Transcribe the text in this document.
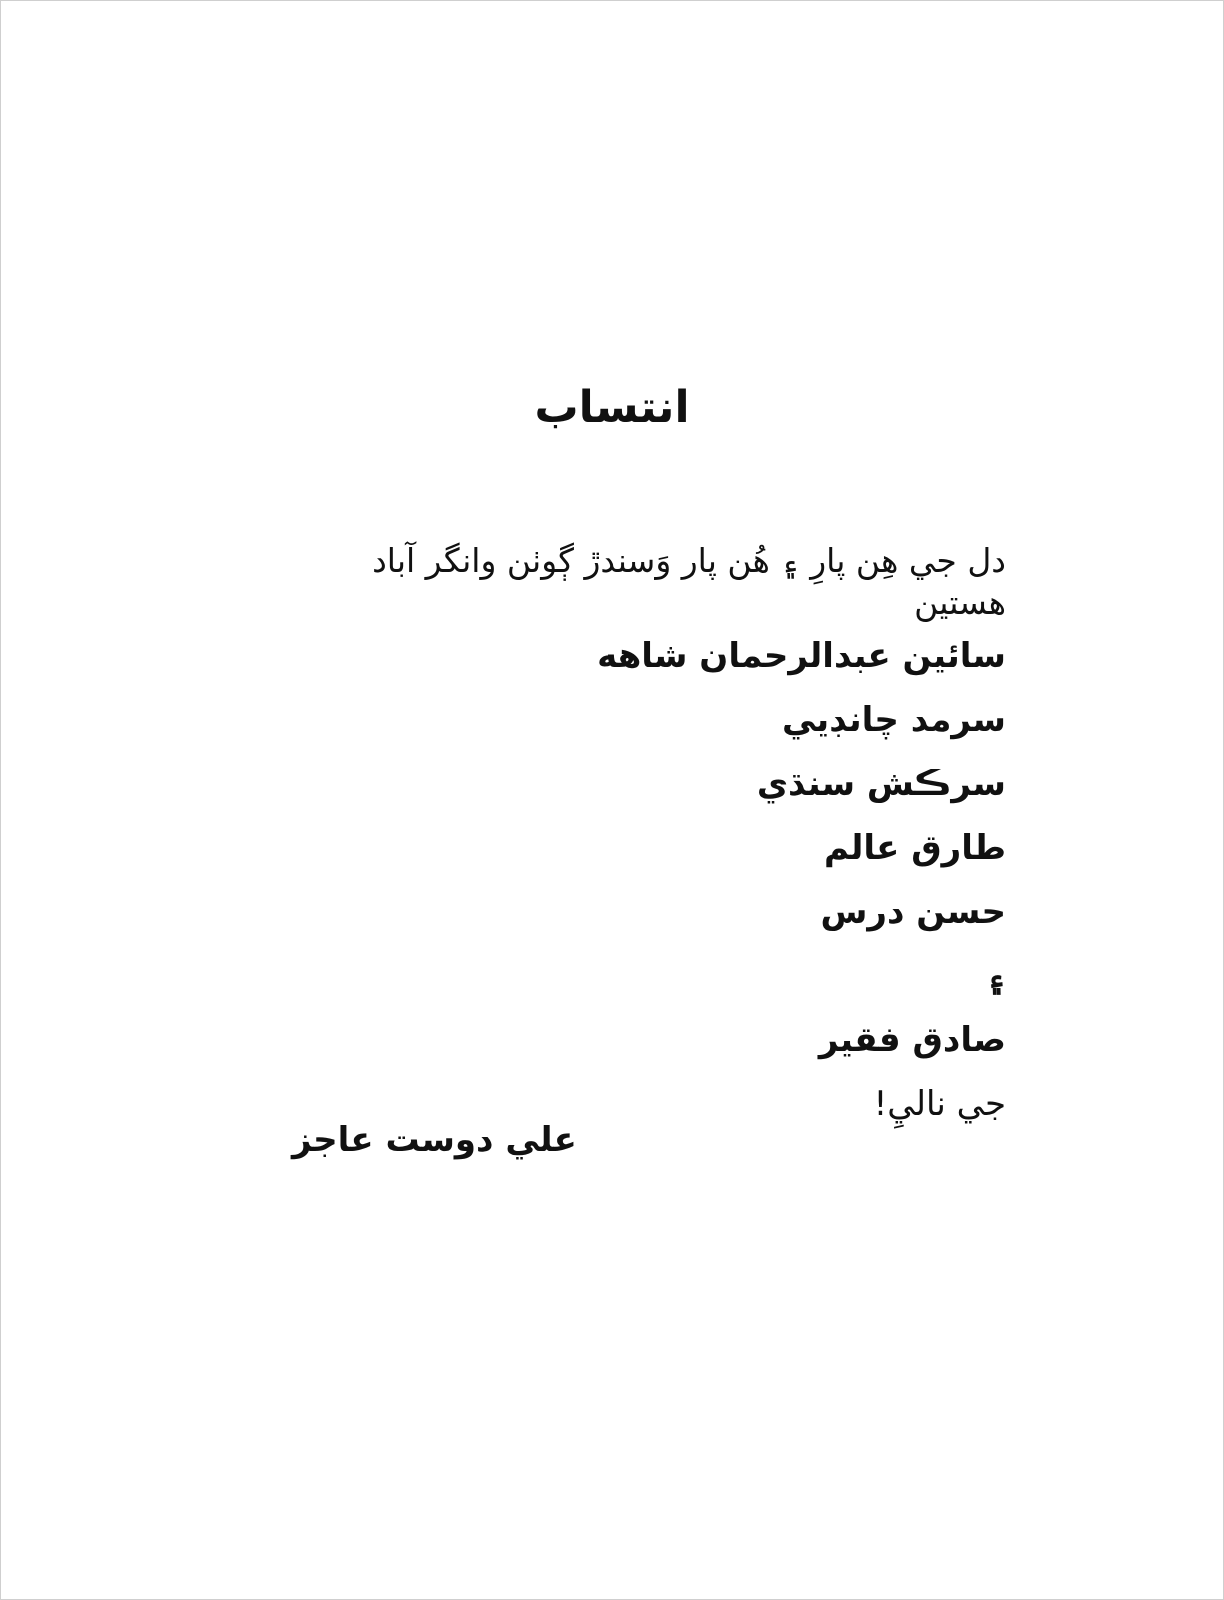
انتساب
دل جي هِن پارِ ۽ هُن پار وَسندڙ ڳوٺن وانگر آباد هستين
سائين عبدالرحمان شاهه
سرمد چانڊيي
سرڪش سنڌي
طارق عالم
حسن درس
۽
صادق فقير
جي ناليِ!
علي دوست عاجز
